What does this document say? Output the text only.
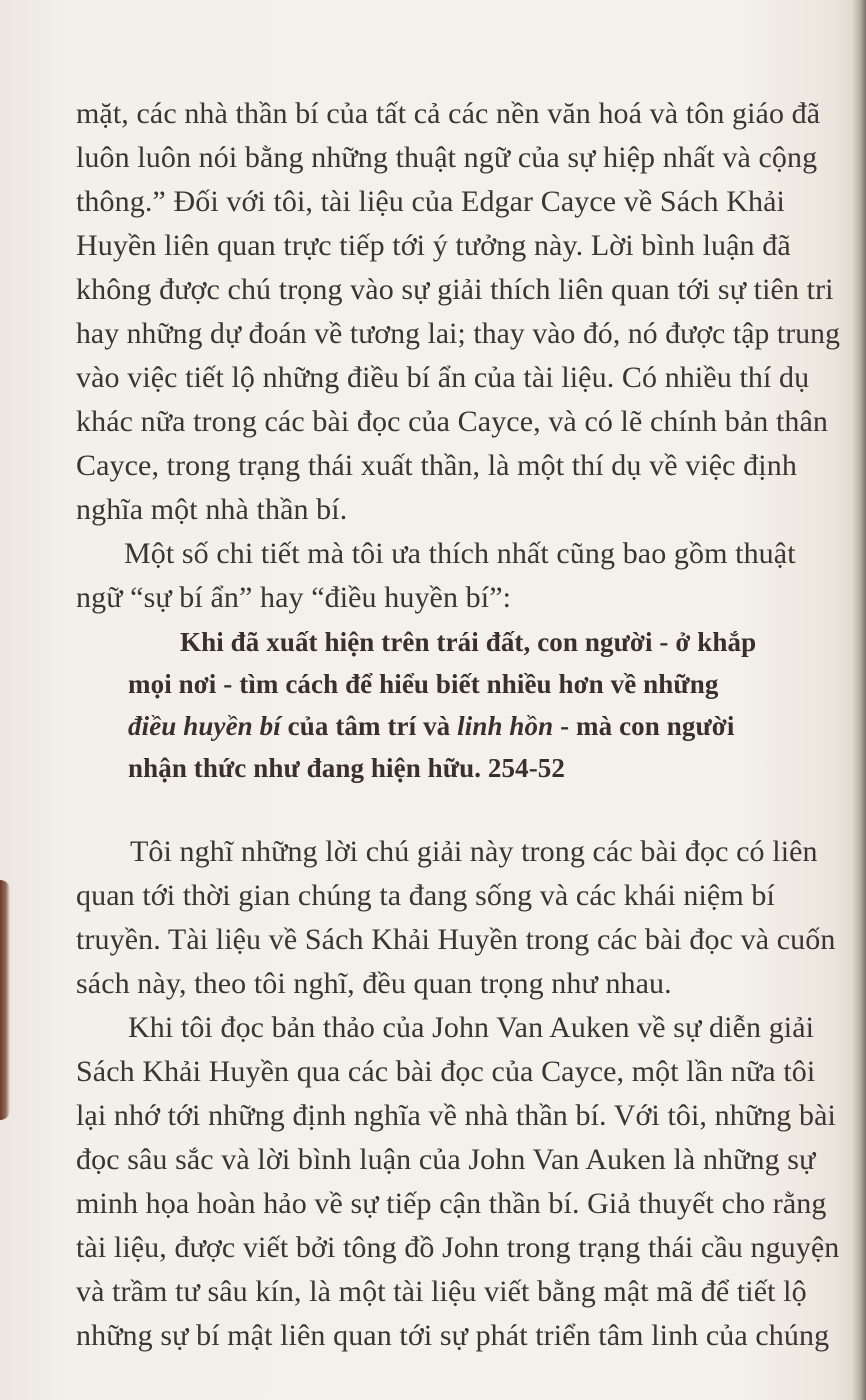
mặt, các nhà thần bí của tất cả các nền văn hoá và tôn giáo đã
luôn luôn nói bằng những thuật ngữ của sự hiệp nhất và cộng
thông.” Đối với tôi, tài liệu của Edgar Cayce về Sách Khải
Huyền liên quan trực tiếp tới ý tưởng này. Lời bình luận đã
không được chú trọng vào sự giải thích liên quan tới sự tiên tri
hay những dự đoán về tương lai; thay vào đó, nó được tập trung
vào việc tiết lộ những điều bí ẩn của tài liệu. Có nhiều thí dụ
khác nữa trong các bài đọc của Cayce, và có lẽ chính bản thân
Cayce, trong trạng thái xuất thần, là một thí dụ về việc định
nghĩa một nhà thần bí.
Một số chi tiết mà tôi ưa thích nhất cũng bao gồm thuật
ngữ “sự bí ẩn” hay “điều huyền bí”:
Khi đã xuất hiện trên trái đất, con người - ở khắp
mọi nơi - tìm cách để hiểu biết nhiều hơn về những
điều huyền bí của tâm trí và linh hồn - mà con người
nhận thức như đang hiện hữu. 254-52
Tôi nghĩ những lời chú giải này trong các bài đọc có liên
quan tới thời gian chúng ta đang sống và các khái niệm bí
truyền. Tài liệu về Sách Khải Huyền trong các bài đọc và cuốn
sách này, theo tôi nghĩ, đều quan trọng như nhau.
Khi tôi đọc bản thảo của John Van Auken về sự diễn giải
Sách Khải Huyền qua các bài đọc của Cayce, một lần nữa tôi
lại nhớ tới những định nghĩa về nhà thần bí. Với tôi, những bài
đọc sâu sắc và lời bình luận của John Van Auken là những sự
minh họa hoàn hảo về sự tiếp cận thần bí. Giả thuyết cho rằng
tài liệu, được viết bởi tông đồ John trong trạng thái cầu nguyện
và trầm tư sâu kín, là một tài liệu viết bằng mật mã để tiết lộ
những sự bí mật liên quan tới sự phát triển tâm linh của chúng
